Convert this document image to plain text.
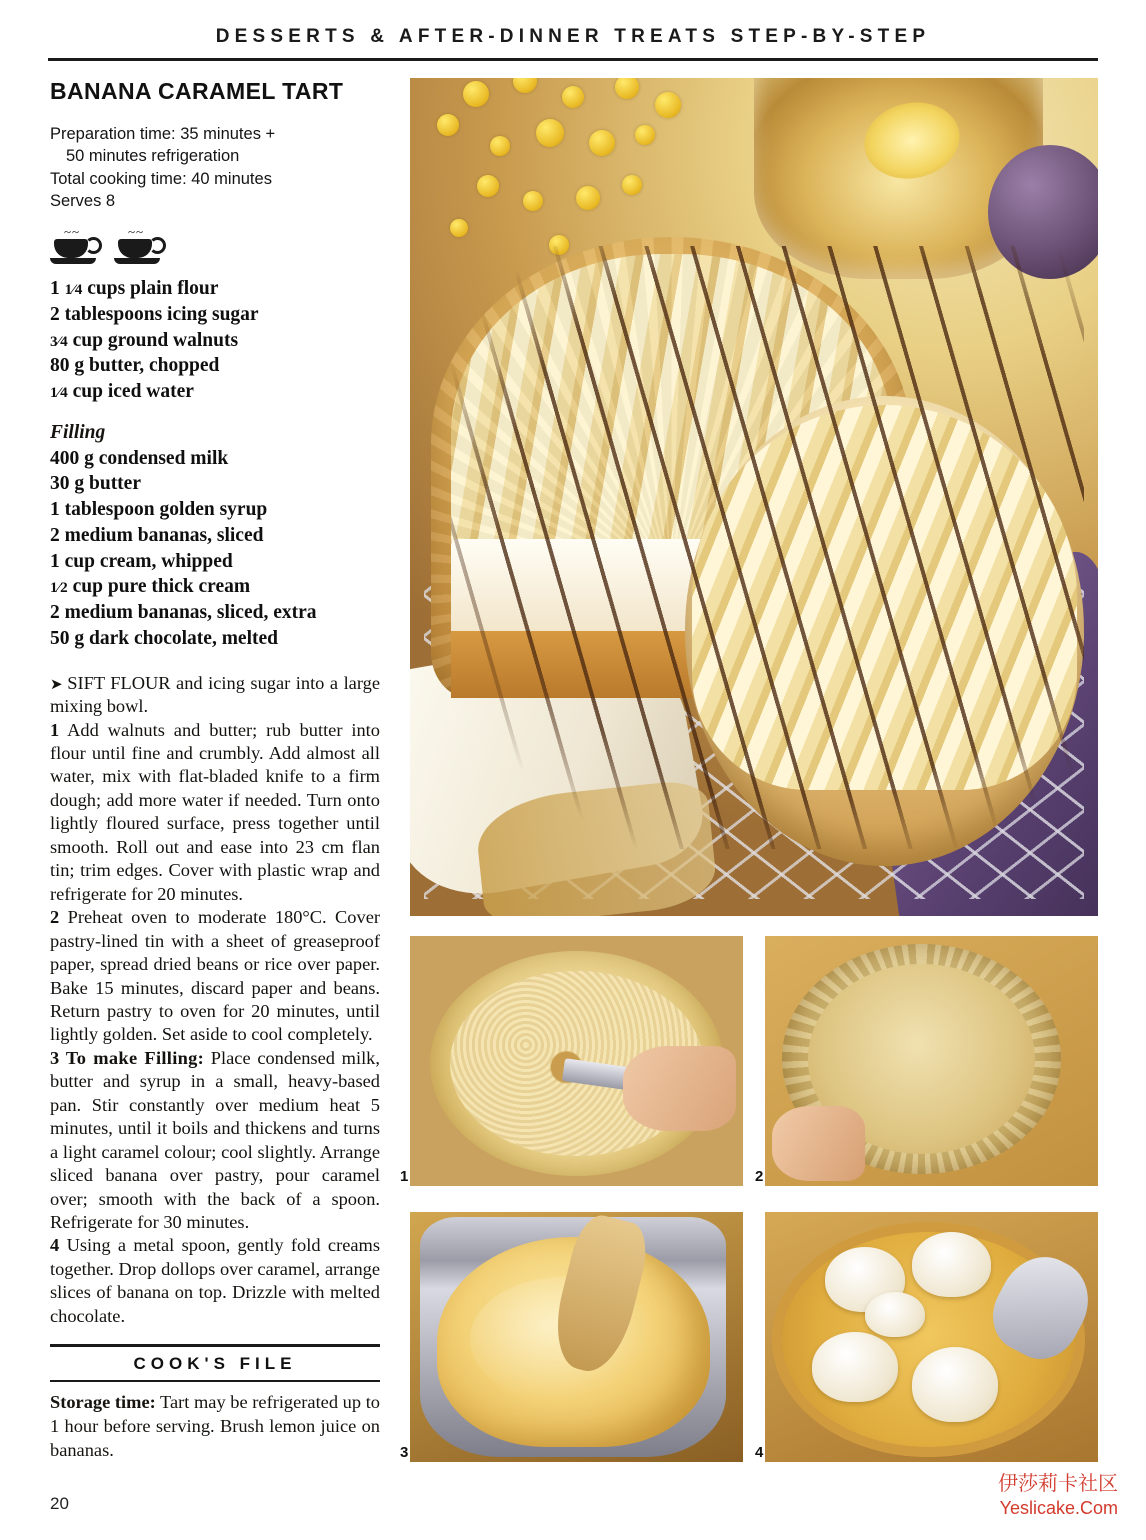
DESSERTS & AFTER-DINNER TREATS STEP-BY-STEP
BANANA CARAMEL TART
Preparation time: 35 minutes +
50 minutes refrigeration
Total cooking time: 40 minutes
Serves 8
~~	~~
1 1⁄4 cups plain flour
2 tablespoons icing sugar
3⁄4 cup ground walnuts
80 g butter, chopped
1⁄4 cup iced water
Filling
400 g condensed milk
30 g butter
1 tablespoon golden syrup
2 medium bananas, sliced
1 cup cream, whipped
1⁄2 cup pure thick cream
2 medium bananas, sliced, extra
50 g dark chocolate, melted

➤ SIFT FLOUR and icing sugar into a large mixing bowl.

1 Add walnuts and butter; rub butter into flour until fine and crumbly. Add almost all water, mix with flat-bladed knife to a firm dough; add more water if needed. Turn onto lightly floured surface, press together until smooth. Roll out and ease into 23 cm flan tin; trim edges. Cover with plastic wrap and refrigerate for 20 minutes.

2 Preheat oven to moderate 180°C. Cover pastry-lined tin with a sheet of greaseproof paper, spread dried beans or rice over paper. Bake 15 minutes, discard paper and beans. Return pastry to oven for 20 minutes, until lightly golden. Set aside to cool completely.

3 To make Filling: Place condensed milk, butter and syrup in a small, heavy-based pan. Stir constantly over medium heat 5 minutes, until it boils and thickens and turns a light caramel colour; cool slightly. Arrange sliced banana over pastry, pour caramel over; smooth with the back of a spoon. Refrigerate for 30 minutes.

4 Using a metal spoon, gently fold creams together. Drop dollops over caramel, arrange slices of banana on top. Drizzle with melted chocolate.

COOK'S FILE
Storage time: Tart may be refrigerated up to 1 hour before serving. Brush lemon juice on bananas.
20
1	2
3	4
伊莎莉卡社区
Yeslicake.Com
